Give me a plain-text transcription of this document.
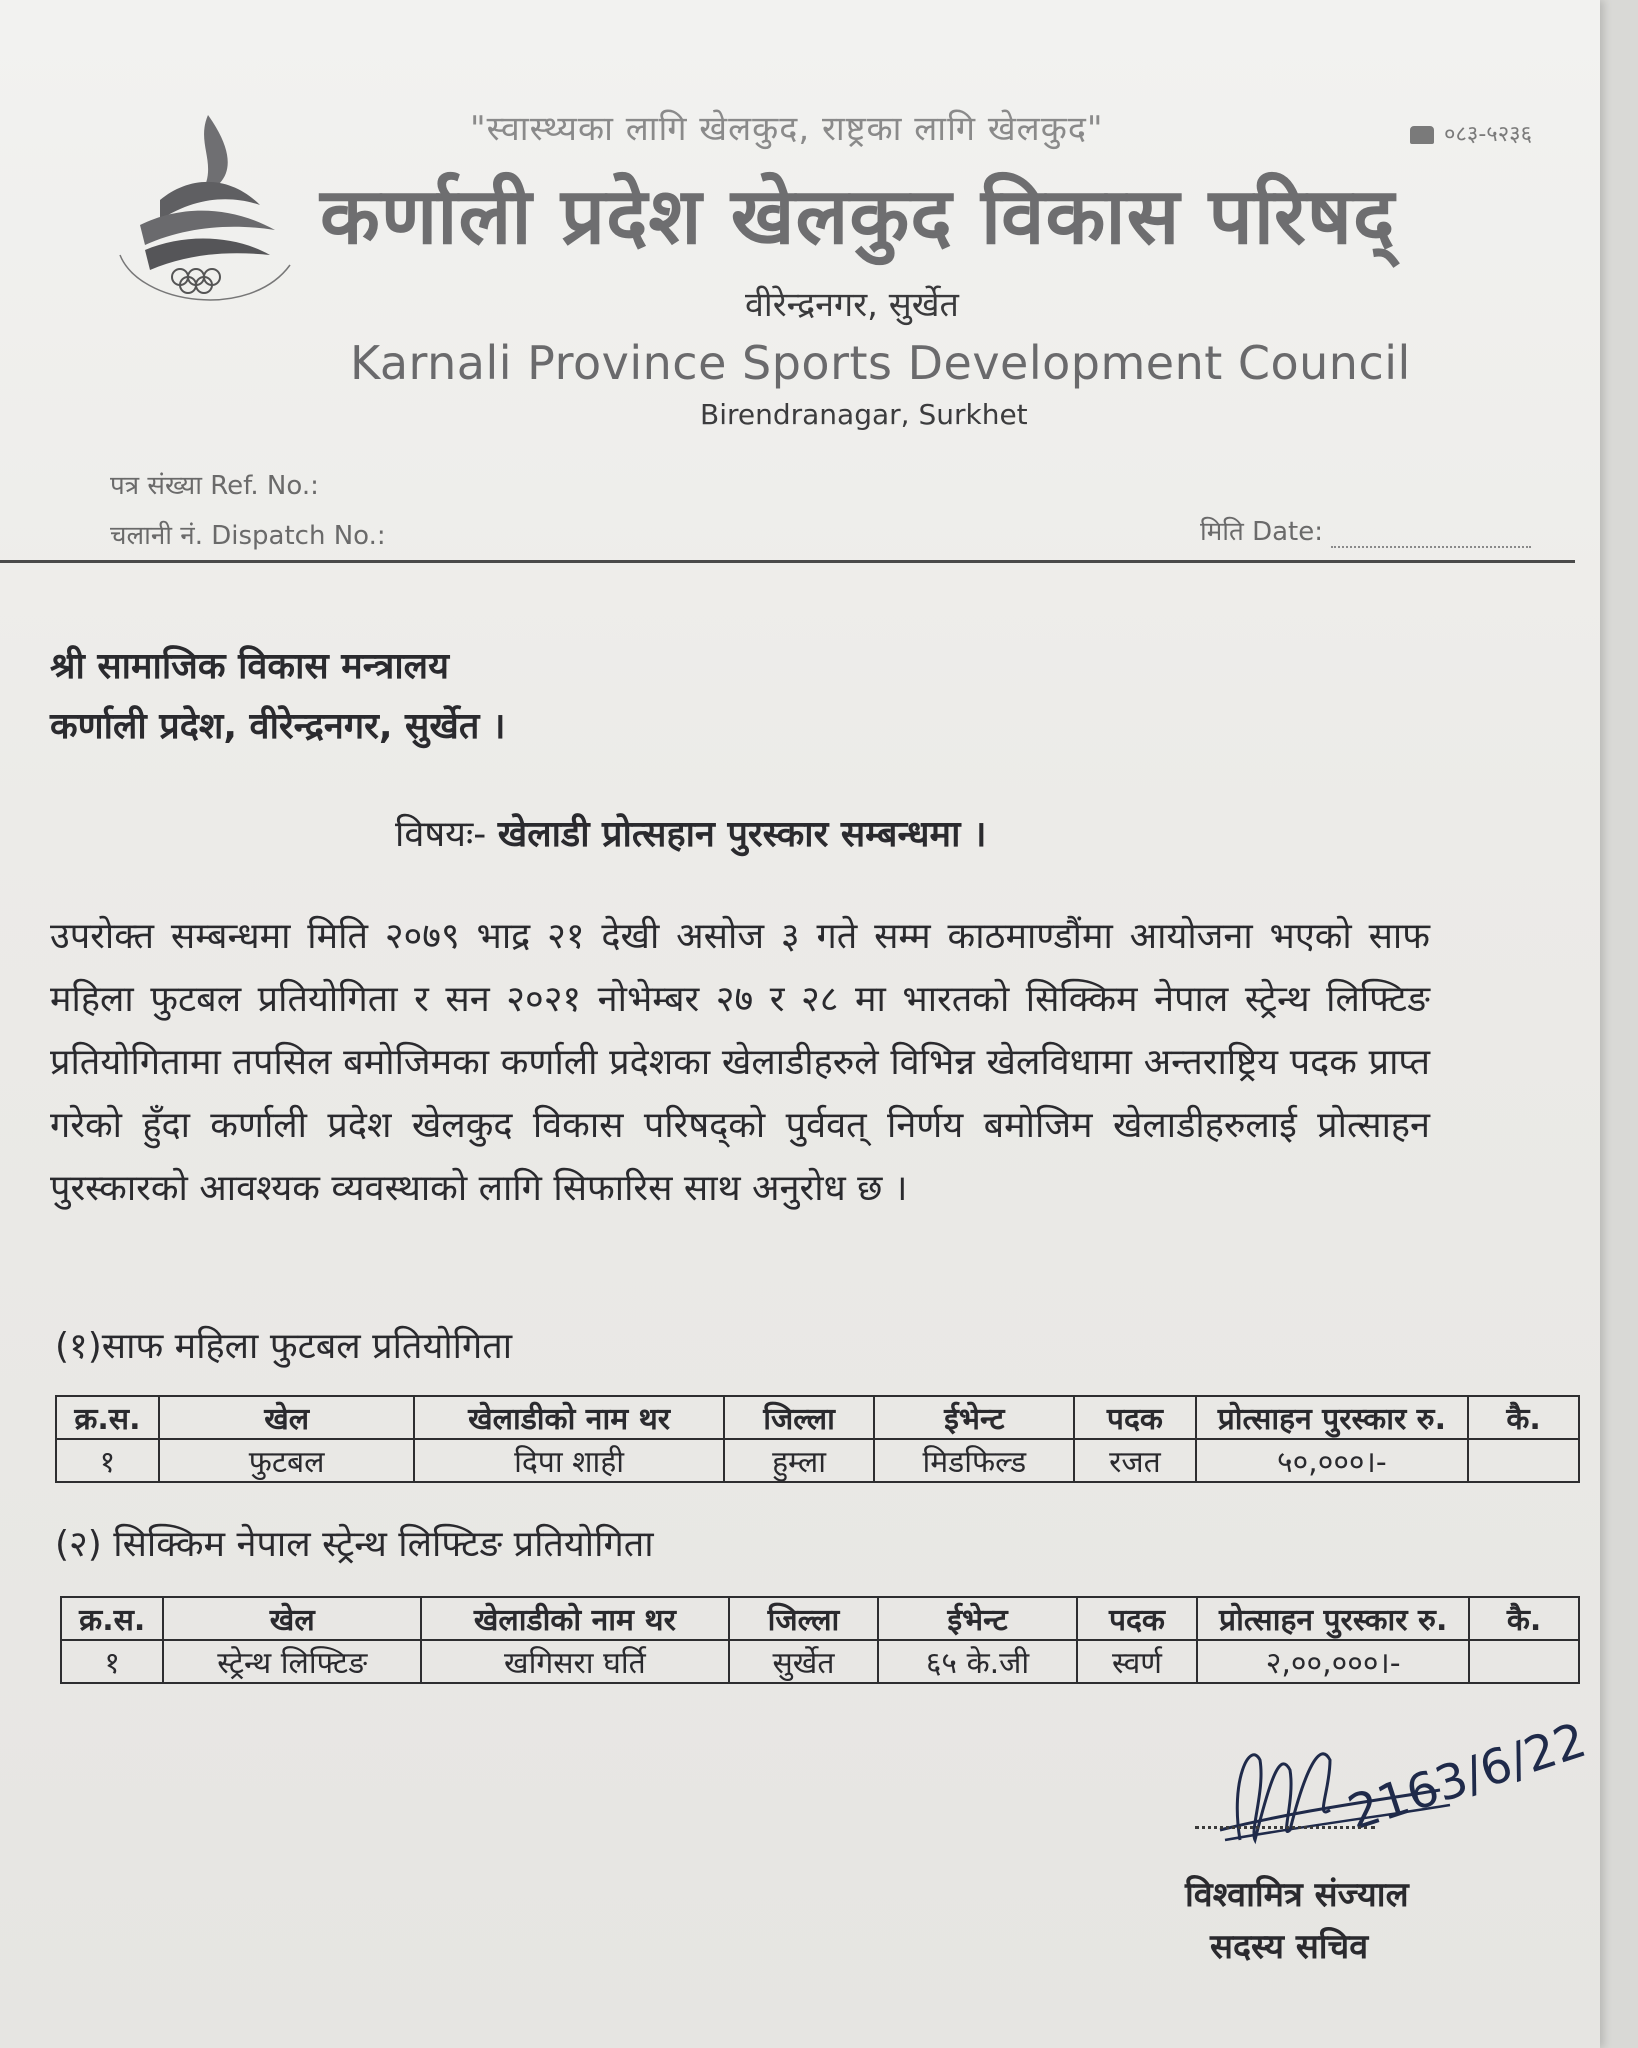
"स्वास्थ्यका लागि खेलकुद, राष्ट्रका लागि खेलकुद"	०८३-५२३६
कर्णाली प्रदेश खेलकुद विकास परिषद्
वीरेन्द्रनगर, सुर्खेत
Karnali Province Sports Development Council
Birendranagar, Surkhet
पत्र संख्या Ref. No.:
चलानी नं. Dispatch No.:	मिति Date:
श्री सामाजिक विकास मन्त्रालय
कर्णाली प्रदेश, वीरेन्द्रनगर, सुर्खेत ।
विषयः- खेलाडी प्रोत्सहान पुरस्कार सम्बन्धमा ।
उपरोक्त सम्बन्धमा मिति २०७९ भाद्र २१ देखी असोज ३ गते सम्म काठमाण्डौंमा आयोजना भएको साफ महिला फुटबल प्रतियोगिता र सन २०२१ नोभेम्बर २७ र २८ मा भारतको सिक्किम नेपाल स्ट्रेन्थ लिफ्टिङ प्रतियोगितामा तपसिल बमोजिमका कर्णाली प्रदेशका खेलाडीहरुले विभिन्न खेलविधामा अन्तराष्ट्रिय पदक प्राप्त गरेको हुँदा कर्णाली प्रदेश खेलकुद विकास परिषद्को पुर्ववत् निर्णय बमोजिम खेलाडीहरुलाई प्रोत्साहन पुरस्कारको आवश्यक व्यवस्थाको लागि सिफारिस साथ अनुरोध छ ।
(१)साफ महिला फुटबल प्रतियोगिता
क्र.स.	खेल	खेलाडीको नाम थर	जिल्ला	ईभेन्ट	पदक	प्रोत्साहन पुरस्कार रु.	कै.
१	फुटबल	दिपा शाही	हुम्ला	मिडफिल्ड	रजत	५०,०००।-	
(२) सिक्किम नेपाल स्ट्रेन्थ लिफ्टिङ प्रतियोगिता
क्र.स.	खेल	खेलाडीको नाम थर	जिल्ला	ईभेन्ट	पदक	प्रोत्साहन पुरस्कार रु.	कै.
१	स्ट्रेन्थ लिफ्टिङ	खगिसरा घर्ति	सुर्खेत	६५ के.जी	स्वर्ण	२,००,०००।-	
2163/6/22
विश्वामित्र संज्याल
सदस्य सचिव
